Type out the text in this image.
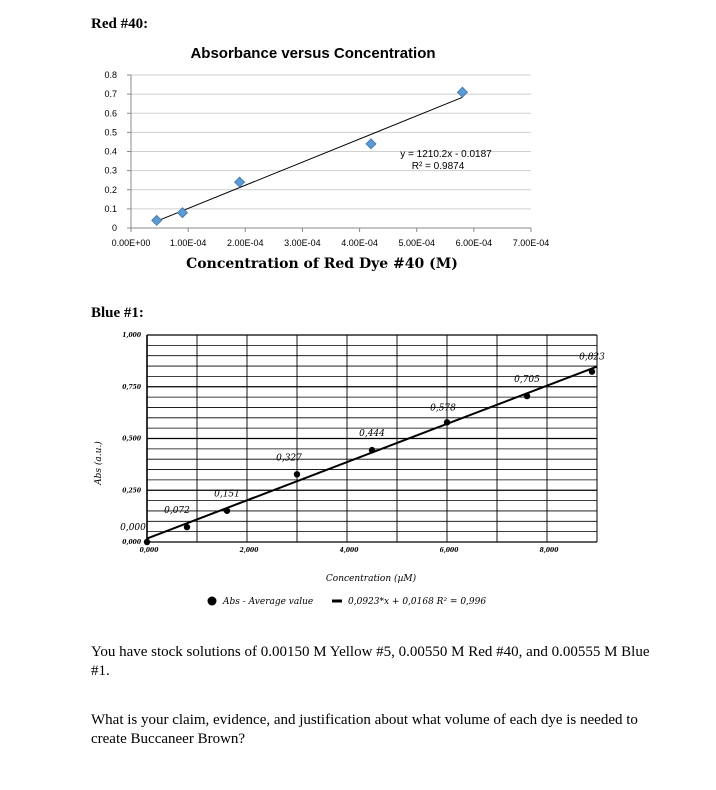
Red #40:
Blue #1:
Absorbance versus Concentration
0
0.1
0.2
0.3
0.4
0.5
0.6
0.7
0.8
0.00E+00 1.00E-04 2.00E-04 3.00E-04 4.00E-04 5.00E-04 6.00E-04 7.00E-04
y = 1210.2x - 0.0187
R² = 0.9874
Concentration of Red Dye #40 (M)
0,000
0,250
0,500
0,750
1,000
0,000	2,000	4,000	6,000	8,000
0,000
0,072
0,151
0,327
0,444
0,578
0,705
0,823
Abs (a.u.)
Concentration (µM)
Abs - Average value	0,0923*x + 0,0168 R² = 0,996
You have stock solutions of 0.00150 M Yellow #5, 0.00550 M Red #40, and 0.00555 M Blue #1.
What is your claim, evidence, and justification about what volume of each dye is needed to create Buccaneer Brown?
